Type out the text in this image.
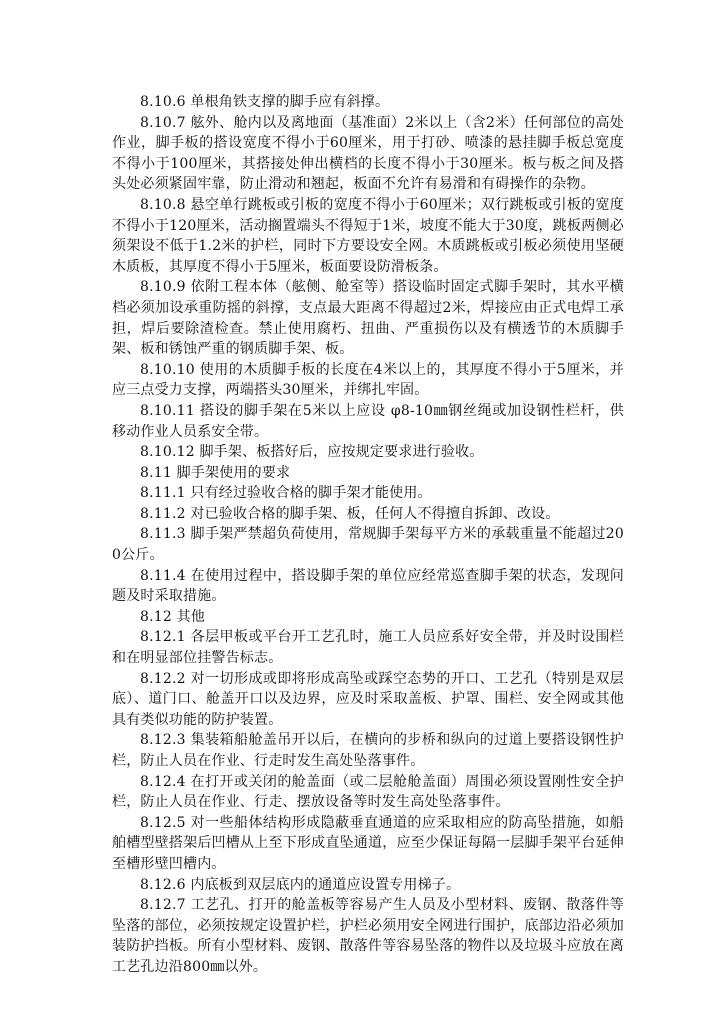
8.10.6 单根角铁支撑的脚手应有斜撑。

8.10.7 舷外、舱内以及离地面（基准面）2米以上（含2米）任何部位的高处作业，脚手板的搭设宽度不得小于60厘米，用于打砂、喷漆的悬挂脚手板总宽度不得小于100厘米，其搭接处伸出横档的长度不得小于30厘米。板与板之间及搭头处必须紧固牢靠，防止滑动和翘起，板面不允许有易滑和有碍操作的杂物。

8.10.8 悬空单行跳板或引板的宽度不得小于60厘米；双行跳板或引板的宽度不得小于120厘米，活动搁置端头不得短于1米，坡度不能大于30度，跳板两侧必须架设不低于1.2米的护栏，同时下方要设安全网。木质跳板或引板必须使用坚硬木质板，其厚度不得小于5厘米，板面要设防滑板条。

8.10.9 依附工程本体（舷侧、舱室等）搭设临时固定式脚手架时，其水平横档必须加设承重防摇的斜撑，支点最大距离不得超过2米，焊接应由正式电焊工承担，焊后要除渣检查。禁止使用腐朽、扭曲、严重损伤以及有横透节的木质脚手架、板和锈蚀严重的钢质脚手架、板。

8.10.10 使用的木质脚手板的长度在4米以上的，其厚度不得小于5厘米，并应三点受力支撑，两端搭头30厘米，并绑扎牢固。

8.10.11 搭设的脚手架在5米以上应设 φ8-10㎜钢丝绳或加设钢性栏杆，供移动作业人员系安全带。

8.10.12 脚手架、板搭好后，应按规定要求进行验收。

8.11 脚手架使用的要求

8.11.1 只有经过验收合格的脚手架才能使用。

8.11.2 对已验收合格的脚手架、板，任何人不得擅自拆卸、改设。

8.11.3 脚手架严禁超负荷使用，常规脚手架每平方米的承载重量不能超过200公斤。

8.11.4 在使用过程中，搭设脚手架的单位应经常巡查脚手架的状态，发现问题及时采取措施。

8.12 其他

8.12.1 各层甲板或平台开工艺孔时，施工人员应系好安全带，并及时设围栏和在明显部位挂警告标志。

8.12.2 对一切形成或即将形成高坠或踩空态势的开口、工艺孔（特别是双层底）、道门口、舱盖开口以及边界，应及时采取盖板、护罩、围栏、安全网或其他具有类似功能的防护装置。

8.12.3 集装箱船舱盖吊开以后，在横向的步桥和纵向的过道上要搭设钢性护栏，防止人员在作业、行走时发生高处坠落事件。

8.12.4 在打开或关闭的舱盖面（或二层舱舱盖面）周围必须设置刚性安全护栏，防止人员在作业、行走、摆放设备等时发生高处坠落事件。

8.12.5 对一些船体结构形成隐蔽垂直通道的应采取相应的防高坠措施，如船舶槽型壁搭架后凹槽从上至下形成直坠通道，应至少保证每隔一层脚手架平台延伸至槽形壁凹槽内。

8.12.6 内底板到双层底内的通道应设置专用梯子。

8.12.7 工艺孔、打开的舱盖板等容易产生人员及小型材料、废钢、散落件等坠落的部位，必须按规定设置护栏，护栏必须用安全网进行围护，底部边沿必须加装防护挡板。所有小型材料、废钢、散落件等容易坠落的物件以及垃圾斗应放在离工艺孔边沿800㎜以外。
